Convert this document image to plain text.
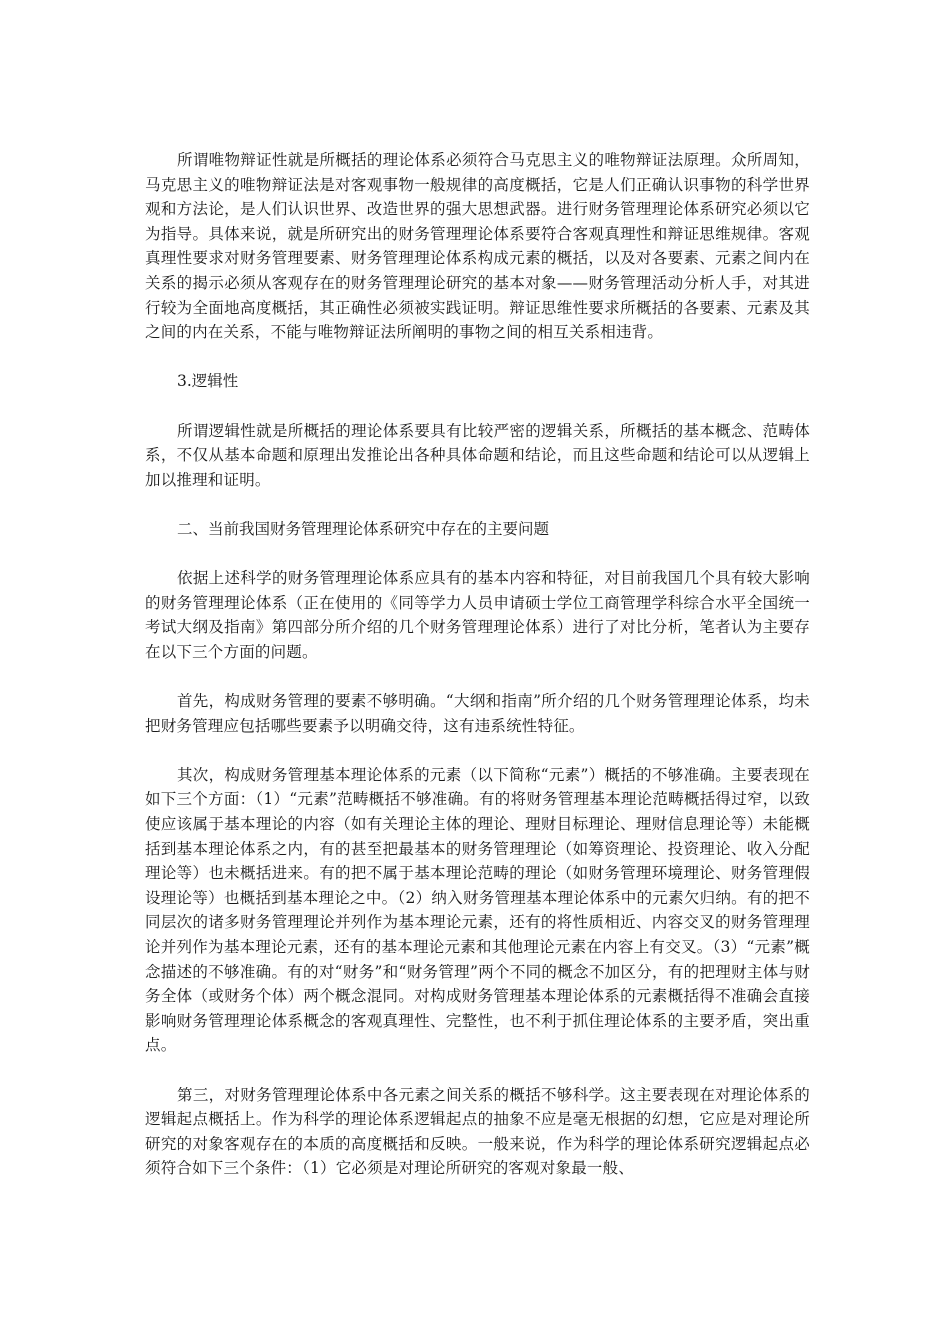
所谓唯物辩证性就是所概括的理论体系必须符合马克思主义的唯物辩证法原理。众所周知，马克思主义的唯物辩证法是对客观事物一般规律的高度概括，它是人们正确认识事物的科学世界观和方法论，是人们认识世界、改造世界的强大思想武器。进行财务管理理论体系研究必须以它为指导。具体来说，就是所研究出的财务管理理论体系要符合客观真理性和辩证思维规律。客观真理性要求对财务管理要素、财务管理理论体系构成元素的概括，以及对各要素、元素之间内在关系的揭示必须从客观存在的财务管理理论研究的基本对象——财务管理活动分析人手，对其进行较为全面地高度概括，其正确性必须被实践证明。辩证思维性要求所概括的各要素、元素及其之间的内在关系，不能与唯物辩证法所阐明的事物之间的相互关系相违背。

3.逻辑性

所谓逻辑性就是所概括的理论体系要具有比较严密的逻辑关系，所概括的基本概念、范畴体系，不仅从基本命题和原理出发推论出各种具体命题和结论，而且这些命题和结论可以从逻辑上加以推理和证明。

二、当前我国财务管理理论体系研究中存在的主要问题

依据上述科学的财务管理理论体系应具有的基本内容和特征，对目前我国几个具有较大影响的财务管理理论体系（正在使用的《同等学力人员申请硕士学位工商管理学科综合水平全国统一考试大纲及指南》第四部分所介绍的几个财务管理理论体系）进行了对比分析，笔者认为主要存在以下三个方面的问题。

首先，构成财务管理的要素不够明确。“大纲和指南”所介绍的几个财务管理理论体系，均未把财务管理应包括哪些要素予以明确交待，这有违系统性特征。

其次，构成财务管理基本理论体系的元素（以下简称“元素”）概括的不够准确。主要表现在如下三个方面：（1）“元素”范畴概括不够准确。有的将财务管理基本理论范畴概括得过窄，以致使应该属于基本理论的内容（如有关理论主体的理论、理财目标理论、理财信息理论等）未能概括到基本理论体系之内，有的甚至把最基本的财务管理理论（如筹资理论、投资理论、收入分配理论等）也未概括进来。有的把不属于基本理论范畴的理论（如财务管理环境理论、财务管理假设理论等）也概括到基本理论之中。（2）纳入财务管理基本理论体系中的元素欠归纳。有的把不同层次的诸多财务管理理论并列作为基本理论元素，还有的将性质相近、内容交叉的财务管理理论并列作为基本理论元素，还有的基本理论元素和其他理论元素在内容上有交叉。（3）“元素”概念描述的不够准确。有的对“财务”和“财务管理”两个不同的概念不加区分，有的把理财主体与财务全体（或财务个体）两个概念混同。对构成财务管理基本理论体系的元素概括得不准确会直接影响财务管理理论体系概念的客观真理性、完整性，也不利于抓住理论体系的主要矛盾，突出重点。

第三，对财务管理理论体系中各元素之间关系的概括不够科学。这主要表现在对理论体系的逻辑起点概括上。作为科学的理论体系逻辑起点的抽象不应是毫无根据的幻想，它应是对理论所研究的对象客观存在的本质的高度概括和反映。一般来说，作为科学的理论体系研究逻辑起点必须符合如下三个条件：（1）它必须是对理论所研究的客观对象最一般、
